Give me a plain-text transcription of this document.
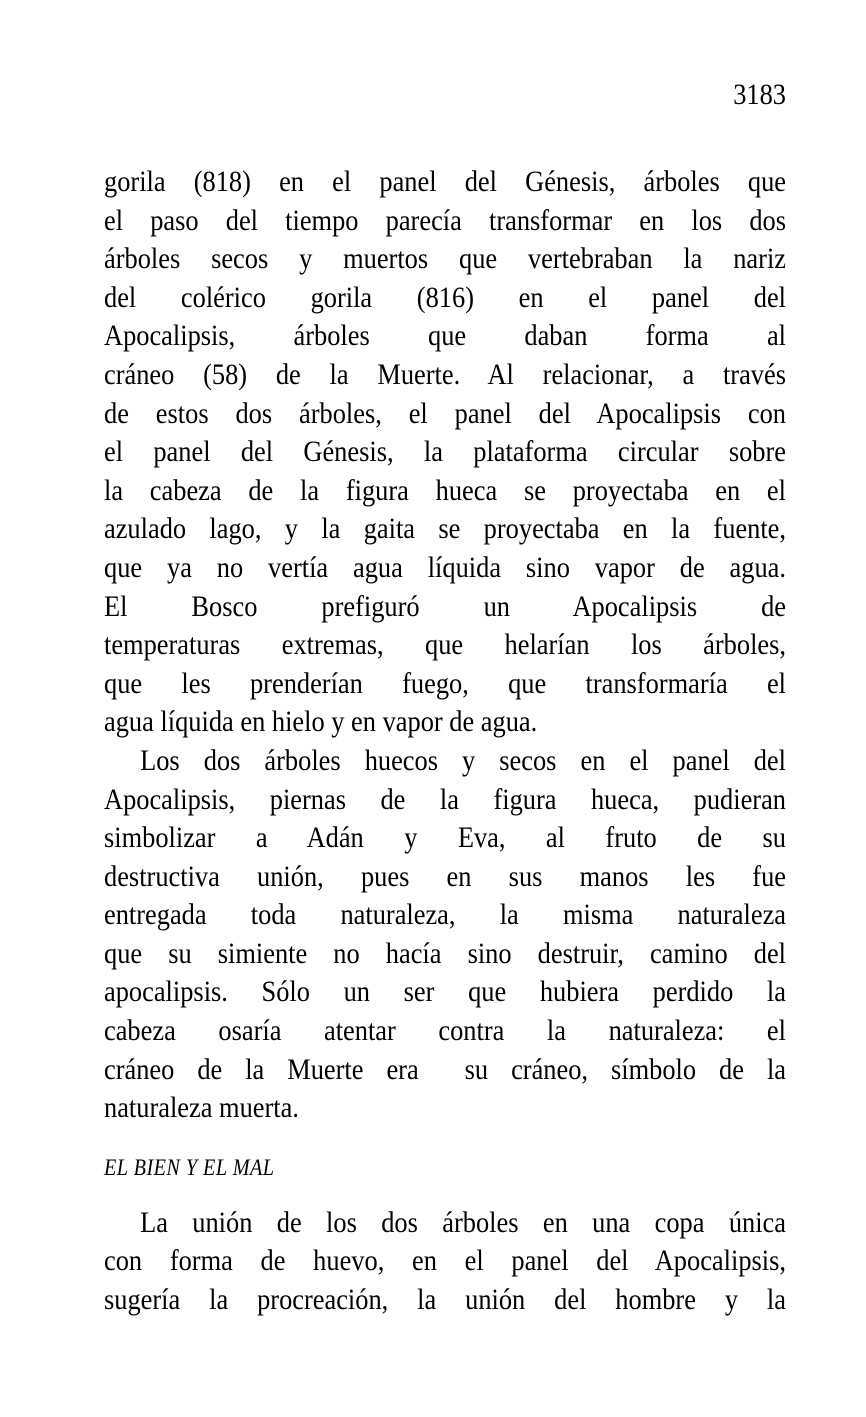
3183
gorila (818) en el panel del Génesis, árboles que
el paso del tiempo parecía transformar en los dos
árboles secos y muertos que vertebraban la nariz
del colérico gorila (816) en el panel del
Apocalipsis, árboles que daban forma al
cráneo (58) de la Muerte. Al relacionar, a través
de estos dos árboles, el panel del Apocalipsis con
el panel del Génesis, la plataforma circular sobre
la cabeza de la figura hueca se proyectaba en el
azulado lago, y la gaita se proyectaba en la fuente,
que ya no vertía agua líquida sino vapor de agua.
El Bosco prefiguró un Apocalipsis de
temperaturas extremas, que helarían los árboles,
que les prenderían fuego, que transformaría el
agua líquida en hielo y en vapor de agua.
Los dos árboles huecos y secos en el panel del
Apocalipsis, piernas de la figura hueca, pudieran
simbolizar a Adán y Eva, al fruto de su
destructiva unión, pues en sus manos les fue
entregada toda naturaleza, la misma naturaleza
que su simiente no hacía sino destruir, camino del
apocalipsis. Sólo un ser que hubiera perdido la
cabeza osaría atentar contra la naturaleza: el
cráneo de la Muerte era  su cráneo, símbolo de la
naturaleza muerta.
EL BIEN Y EL MAL
La unión de los dos árboles en una copa única
con forma de huevo, en el panel del Apocalipsis,
sugería la procreación, la unión del hombre y la
